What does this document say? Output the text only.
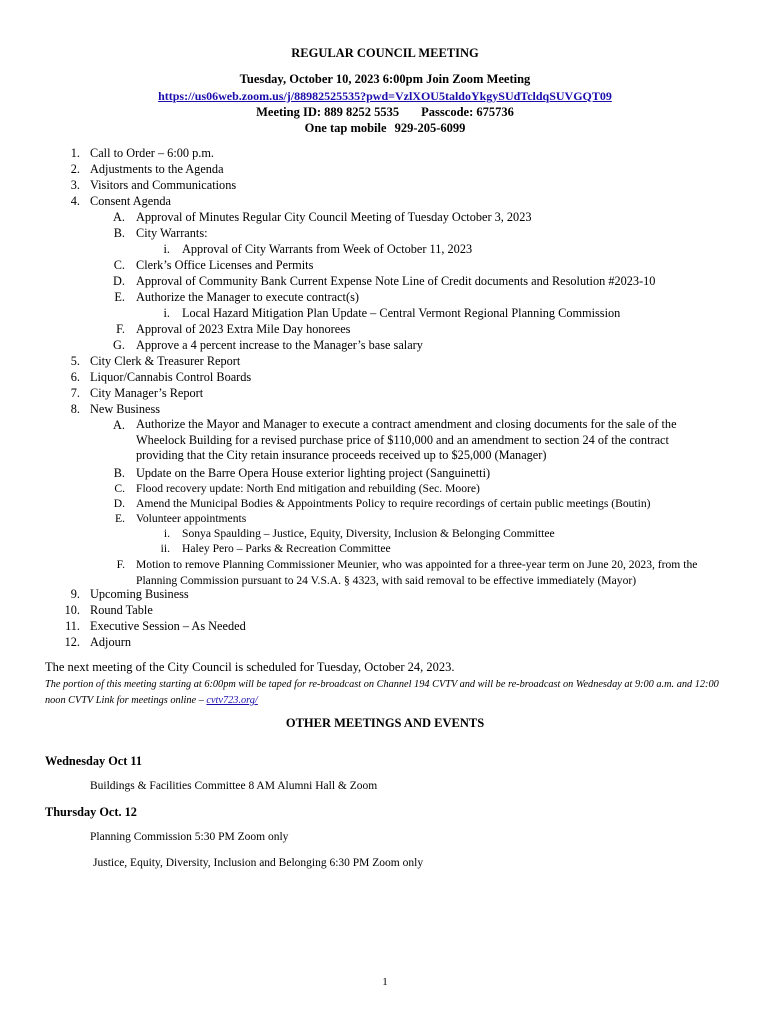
REGULAR COUNCIL MEETING
Tuesday, October 10, 2023 6:00pm Join Zoom Meeting
https://us06web.zoom.us/j/88982525535?pwd=VzlXOU5taldoYkgySUdTcldqSUVGQT09
Meeting ID: 889 8252 5535 Passcode: 675736
One tap mobile 929-205-6099
1. Call to Order – 6:00 p.m.
2. Adjustments to the Agenda
3. Visitors and Communications
4. Consent Agenda
A. Approval of Minutes Regular City Council Meeting of Tuesday October 3, 2023
B. City Warrants:
i. Approval of City Warrants from Week of October 11, 2023
C. Clerk’s Office Licenses and Permits
D. Approval of Community Bank Current Expense Note Line of Credit documents and Resolution #2023-10
E. Authorize the Manager to execute contract(s)
i. Local Hazard Mitigation Plan Update – Central Vermont Regional Planning Commission
F. Approval of 2023 Extra Mile Day honorees
G. Approve a 4 percent increase to the Manager’s base salary
5. City Clerk & Treasurer Report
6. Liquor/Cannabis Control Boards
7. City Manager’s Report
8. New Business
A. Authorize the Mayor and Manager to execute a contract amendment and closing documents for the sale of the Wheelock Building for a revised purchase price of $110,000 and an amendment to section 24 of the contract providing that the City retain insurance proceeds received up to $25,000 (Manager)
B. Update on the Barre Opera House exterior lighting project (Sanguinetti)
C. Flood recovery update: North End mitigation and rebuilding (Sec. Moore)
D. Amend the Municipal Bodies & Appointments Policy to require recordings of certain public meetings (Boutin)
E. Volunteer appointments
i. Sonya Spaulding – Justice, Equity, Diversity, Inclusion & Belonging Committee
ii. Haley Pero – Parks & Recreation Committee
F. Motion to remove Planning Commissioner Meunier, who was appointed for a three-year term on June 20, 2023, from the Planning Commission pursuant to 24 V.S.A. § 4323, with said removal to be effective immediately (Mayor)
9. Upcoming Business
10. Round Table
11. Executive Session – As Needed
12. Adjourn
The next meeting of the City Council is scheduled for Tuesday, October 24, 2023.
The portion of this meeting starting at 6:00pm will be taped for re-broadcast on Channel 194 CVTV and will be re-broadcast on Wednesday at 9:00 a.m. and 12:00 noon CVTV Link for meetings online – cvtv723.org/
OTHER MEETINGS AND EVENTS
Wednesday Oct 11
Buildings & Facilities Committee 8 AM Alumni Hall & Zoom
Thursday Oct. 12
Planning Commission 5:30 PM Zoom only
Justice, Equity, Diversity, Inclusion and Belonging 6:30 PM Zoom only
1
